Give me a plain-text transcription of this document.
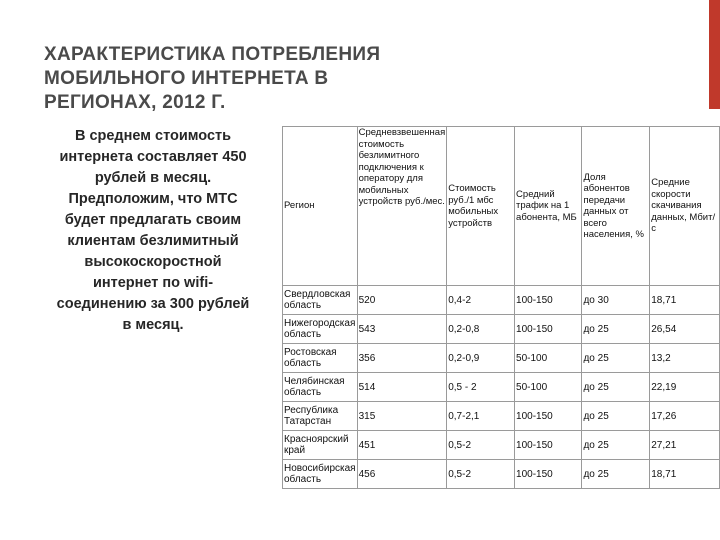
ХАРАКТЕРИСТИКА ПОТРЕБЛЕНИЯ
МОБИЛЬНОГО ИНТЕРНЕТА В
РЕГИОНАХ, 2012 Г.
В среднем стоимость
интернета составляет 450
рублей в месяц.
Предположим, что МТС
будет предлагать своим
клиентам безлимитный
высокоскоростной
интернет по wifi-
соединению за 300 рублей
в месяц.
Регион	Средневзвешенная стоимость безлимитного подключения к оператору для мобильных устройств руб./мес.	Стоимость руб./1 мбс мобильных устройств	Средний трафик на 1 абонента, МБ	Доля абонентов передачи данных от всего населения, %	Средние скорости скачивания данных, Мбит/с
Свердловская область	520	0,4-2	100-150	до 30	18,71
Нижегородская область	543	0,2-0,8	100-150	до 25	26,54
Ростовская область	356	0,2-0,9	50-100	до 25	13,2
Челябинская область	514	0,5 - 2	50-100	до 25	22,19
Республика Татарстан	315	0,7-2,1	100-150	до 25	17,26
Красноярский край	451	0,5-2	100-150	до 25	27,21
Новосибирская область	456	0,5-2	100-150	до 25	18,71
